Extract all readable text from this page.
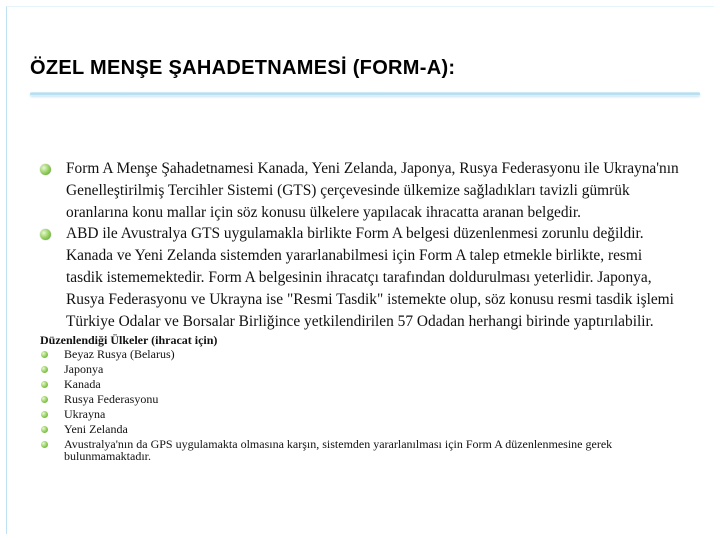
ÖZEL MENŞE ŞAHADETNAMESİ (FORM-A):
Form A Menşe Şahadetnamesi Kanada, Yeni Zelanda, Japonya, Rusya Federasyonu ile Ukrayna'nın Genelleştirilmiş Tercihler Sistemi (GTS) çerçevesinde ülkemize sağladıkları tavizli gümrük oranlarına konu mallar için söz konusu ülkelere yapılacak ihracatta aranan belgedir.
ABD ile Avustralya GTS uygulamakla birlikte Form A belgesi düzenlenmesi zorunlu değildir. Kanada ve Yeni Zelanda sistemden yararlanabilmesi için Form A talep etmekle birlikte, resmi tasdik istememektedir. Form A belgesinin ihracatçı tarafından doldurulması yeterlidir. Japonya, Rusya Federasyonu ve Ukrayna ise "Resmi Tasdik" istemekte olup, söz konusu resmi tasdik işlemi Türkiye Odalar ve Borsalar Birliğince yetkilendirilen 57 Odadan herhangi birinde yaptırılabilir.
Düzenlendiği Ülkeler (ihracat için)
Beyaz Rusya (Belarus)
Japonya
Kanada
Rusya Federasyonu
Ukrayna
Yeni Zelanda
Avustralya'nın da GPS uygulamakta olmasına karşın, sistemden yararlanılması için Form A düzenlenmesine gerek bulunmamaktadır.
